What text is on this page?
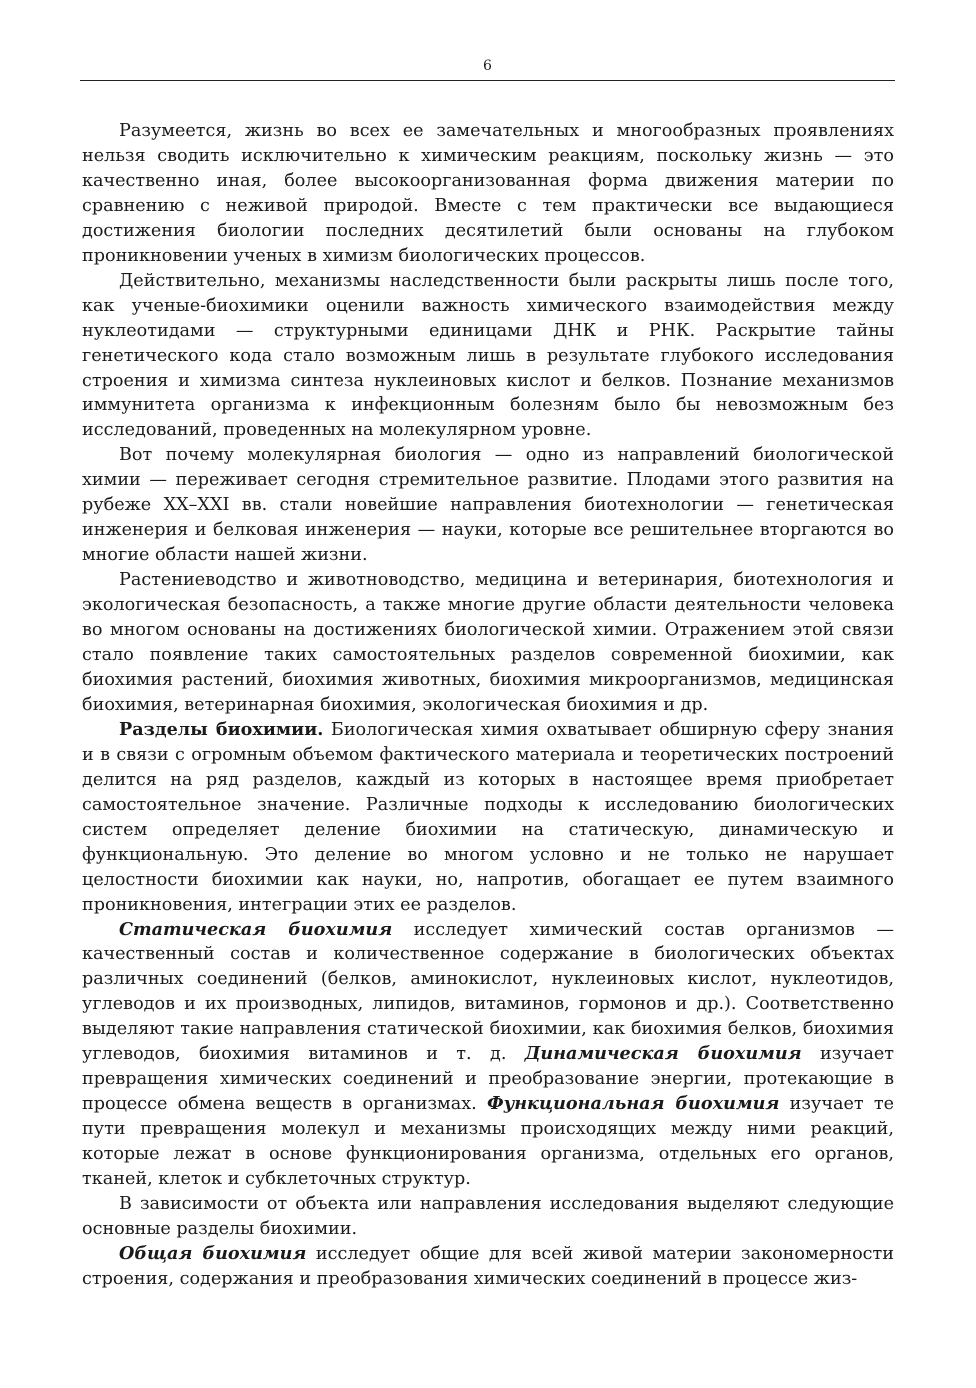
6

Разумеется, жизнь во всех ее замечательных и многообразных проявлениях нельзя сводить исключительно к химическим реакциям, поскольку жизнь — это качественно иная, более высокоорганизованная форма движения материи по сравнению с неживой природой. Вместе с тем практически все выдающиеся достижения биологии последних десятилетий были основаны на глубоком проникновении ученых в химизм биологических процессов.

Действительно, механизмы наследственности были раскрыты лишь после того, как ученые-биохимики оценили важность химического взаимодействия между нуклеотидами — структурными единицами ДНК и РНК. Раскрытие тайны генетического кода стало возможным лишь в результате глубокого исследования строения и химизма синтеза нуклеиновых кислот и белков. Познание механизмов иммунитета организма к инфекционным болезням было бы невозможным без исследований, проведенных на молекулярном уровне.

Вот почему молекулярная биология — одно из направлений биологической химии — переживает сегодня стремительное развитие. Плодами этого развития на рубеже XX–XXI вв. стали новейшие направления биотехнологии — генетическая инженерия и белковая инженерия — науки, которые все решительнее вторгаются во многие области нашей жизни.

Растениеводство и животноводство, медицина и ветеринария, биотехнология и экологическая безопасность, а также многие другие области деятельности человека во многом основаны на достижениях биологической химии. Отражением этой связи стало появление таких самостоятельных разделов современной биохимии, как биохимия растений, биохимия животных, биохимия микроорганизмов, медицинская биохимия, ветеринарная биохимия, экологическая биохимия и др.

Разделы биохимии. Биологическая химия охватывает обширную сферу знания и в связи с огромным объемом фактического материала и теоретических построений делится на ряд разделов, каждый из которых в настоящее время приобретает самостоятельное значение. Различные подходы к исследованию биологических систем определяет деление биохимии на статическую, динамическую и функциональную. Это деление во многом условно и не только не нарушает целостности биохимии как науки, но, напротив, обогащает ее путем взаимного проникновения, интеграции этих ее разделов.

Статическая биохимия исследует химический состав организмов — качественный состав и количественное содержание в биологических объектах различных соединений (белков, аминокислот, нуклеиновых кислот, нуклеотидов, углеводов и их производных, липидов, витаминов, гормонов и др.). Соответственно выделяют такие направления статической биохимии, как биохимия белков, биохимия углеводов, биохимия витаминов и т. д. Динамическая биохимия изучает превращения химических соединений и преобразование энергии, протекающие в процессе обмена веществ в организмах. Функциональная биохимия изучает те пути превращения молекул и механизмы происходящих между ними реакций, которые лежат в основе функционирования организма, отдельных его органов, тканей, клеток и субклеточных структур.

В зависимости от объекта или направления исследования выделяют следующие основные разделы биохимии.

Общая биохимия исследует общие для всей живой материи закономерности строения, содержания и преобразования химических соединений в процессе жиз-
